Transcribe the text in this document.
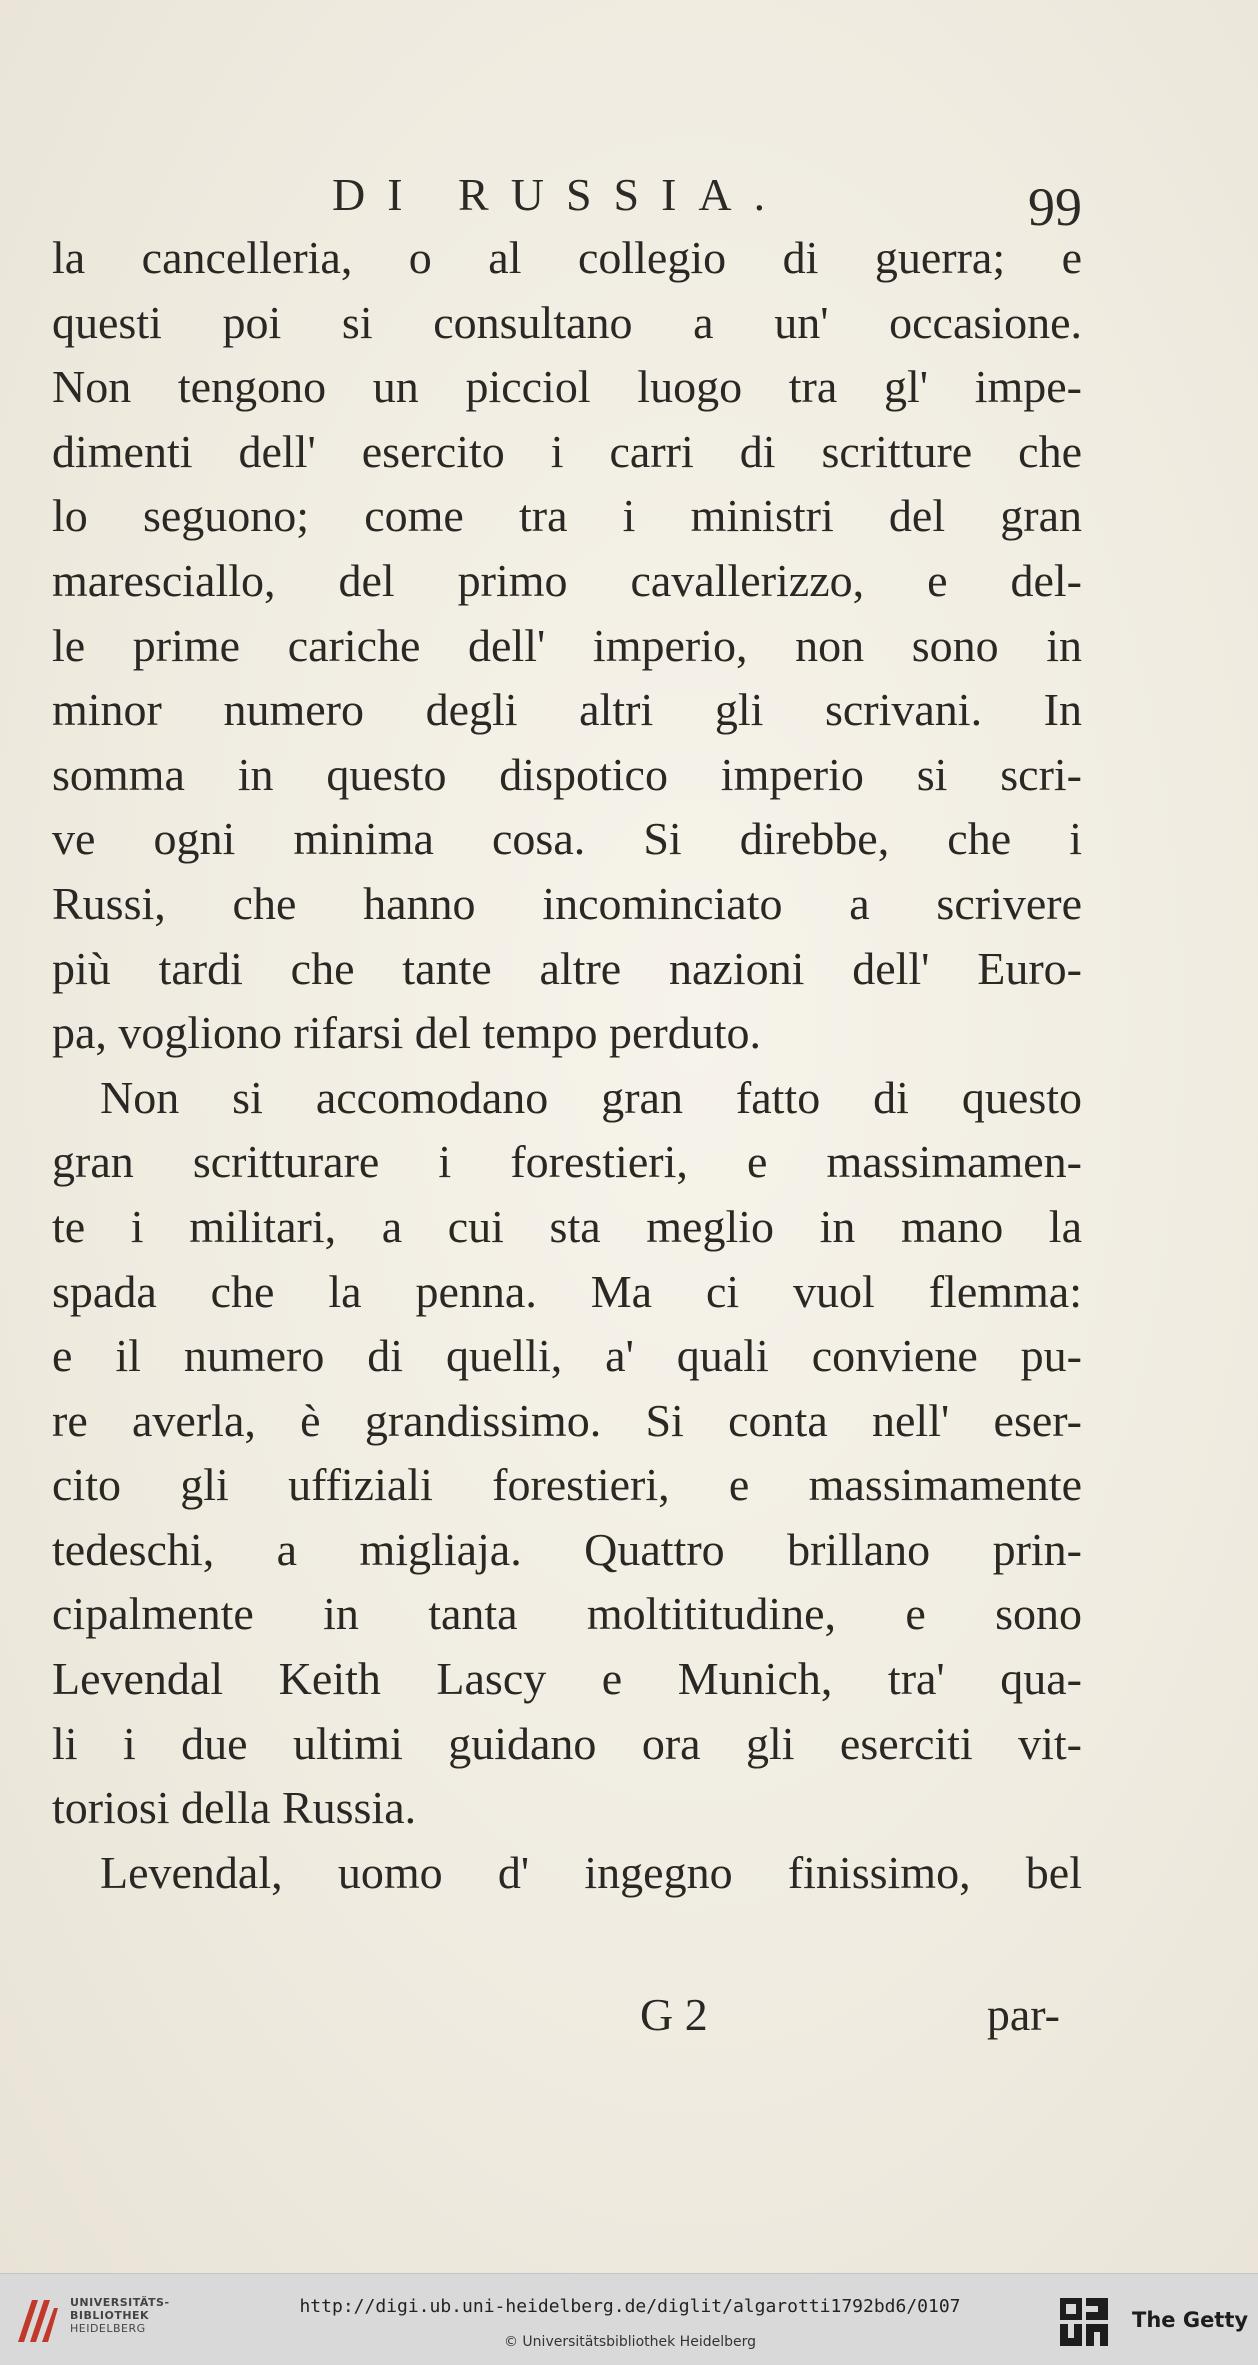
DI RUSSIA.	99
la cancelleria, o al collegio di guerra; e
questi poi si consultano a un' occasione.
Non tengono un picciol luogo tra gl' impe-
dimenti dell' esercito i carri di scritture che
lo seguono; come tra i ministri del gran
maresciallo, del primo cavallerizzo, e del-
le prime cariche dell' imperio, non sono in
minor numero degli altri gli scrivani. In
somma in questo dispotico imperio si scri-
ve ogni minima cosa. Si direbbe, che i
Russi, che hanno incominciato a scrivere
più tardi che tante altre nazioni dell' Euro-
pa, vogliono rifarsi del tempo perduto.
Non si accomodano gran fatto di questo
gran scritturare i forestieri, e massimamen-
te i militari, a cui sta meglio in mano la
spada che la penna. Ma ci vuol flemma:
e il numero di quelli, a' quali conviene pu-
re averla, è grandissimo. Si conta nell' eser-
cito gli uffiziali forestieri, e massimamente
tedeschi, a migliaja. Quattro brillano prin-
cipalmente in tanta moltititudine, e sono
Levendal Keith Lascy e Munich, tra' qua-
li i due ultimi guidano ora gli eserciti vit-
toriosi della Russia.
Levendal, uomo d' ingegno finissimo, bel
G 2	par-
UNIVERSITÄTS-
BIBLIOTHEK
HEIDELBERG
http://digi.ub.uni-heidelberg.de/diglit/algarotti1792bd6/0107
© Universitätsbibliothek Heidelberg
The Getty
